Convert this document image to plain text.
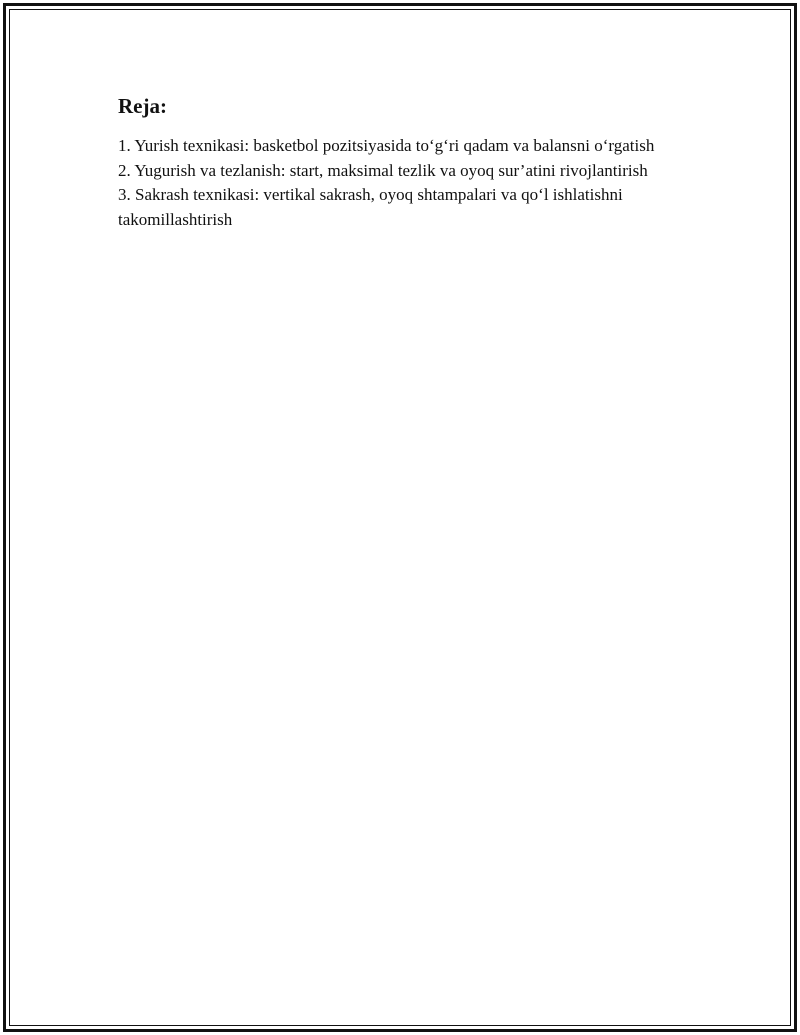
Reja:
1. Yurish texnikasi: basketbol pozitsiyasida to‘g‘ri qadam va balansni o‘rgatish
2. Yugurish va tezlanish: start, maksimal tezlik va oyoq sur’atini rivojlantirish
3. Sakrash texnikasi: vertikal sakrash, oyoq shtampalari va qo‘l ishlatishni takomillashtirish
